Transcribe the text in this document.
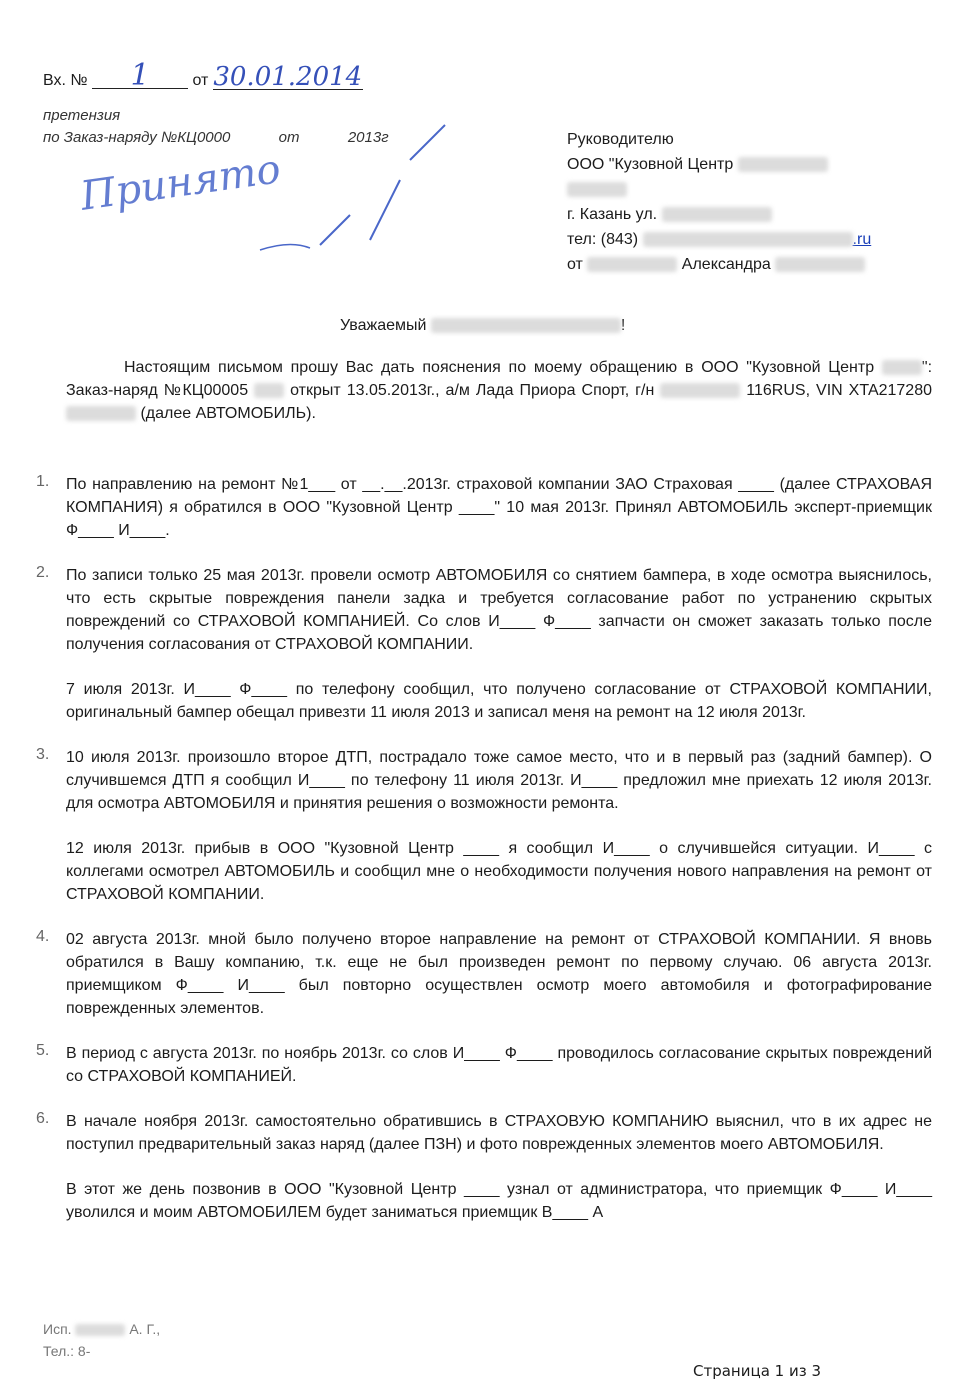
Вх. № 1	от 30.01.2014
претензия
по Заказ-наряду №КЦ0000	от	2013г
Принято
Руководителю
ООО "Кузовной Центр
г. Казань ул.
тел: (843)	.ru
от	Александра
Уважаемый	!
Настоящим письмом прошу Вас дать пояснения по моему обращению в ООО "Кузовной Центр	": Заказ-наряд №КЦ00005	открыт 13.05.2013г., а/м Лада Приора Спорт, г/н	116RUS, VIN XTA217280  (далее АВТОМОБИЛЬ).
1. По направлению на ремонт №1___ от __.__.2013г. страховой компании ЗАО Страховая ____ (далее СТРАХОВАЯ КОМПАНИЯ) я обратился в ООО "Кузовной Центр ____" 10 мая 2013г. Принял АВТОМОБИЛЬ эксперт-приемщик Ф____ И____.

2. По записи только 25 мая 2013г. провели осмотр АВТОМОБИЛЯ со снятием бампера, в ходе осмотра выяснилось, что есть скрытые повреждения панели задка и требуется согласование работ по устранению скрытых повреждений со СТРАХОВОЙ КОМПАНИЕЙ. Со слов И____ Ф____ запчасти он сможет заказать только после получения согласования от СТРАХОВОЙ КОМПАНИИ.

7 июля 2013г. И____ Ф____ по телефону сообщил, что получено согласование от СТРАХОВОЙ КОМПАНИИ, оригинальный бампер обещал привезти 11 июля 2013 и записал меня на ремонт на 12 июля 2013г.

3. 10 июля 2013г. произошло второе ДТП, пострадало тоже самое место, что и в первый раз (задний бампер). О случившемся ДТП я сообщил И____ по телефону 11 июля 2013г. И____ предложил мне приехать 12 июля 2013г. для осмотра АВТОМОБИЛЯ и принятия решения о возможности ремонта.

12 июля 2013г. прибыв в ООО "Кузовной Центр ____ я сообщил И____ о случившейся ситуации. И____ с коллегами осмотрел АВТОМОБИЛЬ и сообщил мне о необходимости получения нового направления на ремонт от СТРАХОВОЙ КОМПАНИИ.

4. 02 августа 2013г. мной было получено второе направление на ремонт от СТРАХОВОЙ КОМПАНИИ. Я вновь обратился в Вашу компанию, т.к. еще не был произведен ремонт по первому случаю. 06 августа 2013г. приемщиком Ф____ И____ был повторно осуществлен осмотр моего автомобиля и фотографирование поврежденных элементов.

5. В период с августа 2013г. по ноябрь 2013г. со слов И____ Ф____ проводилось согласование скрытых повреждений со СТРАХОВОЙ КОМПАНИЕЙ.

6. В начале ноября 2013г. самостоятельно обратившись в СТРАХОВУЮ КОМПАНИЮ выяснил, что в их адрес не поступил предварительный заказ наряд (далее ПЗН) и фото поврежденных элементов моего АВТОМОБИЛЯ.

В этот же день позвонив в ООО "Кузовной Центр ____ узнал от администратора, что приемщик Ф____ И____ уволился и моим АВТОМОБИЛЕМ будет заниматься приемщик В____ А

Исп.	А. Г.,
Тел.: 8-
Страница 1 из 3
